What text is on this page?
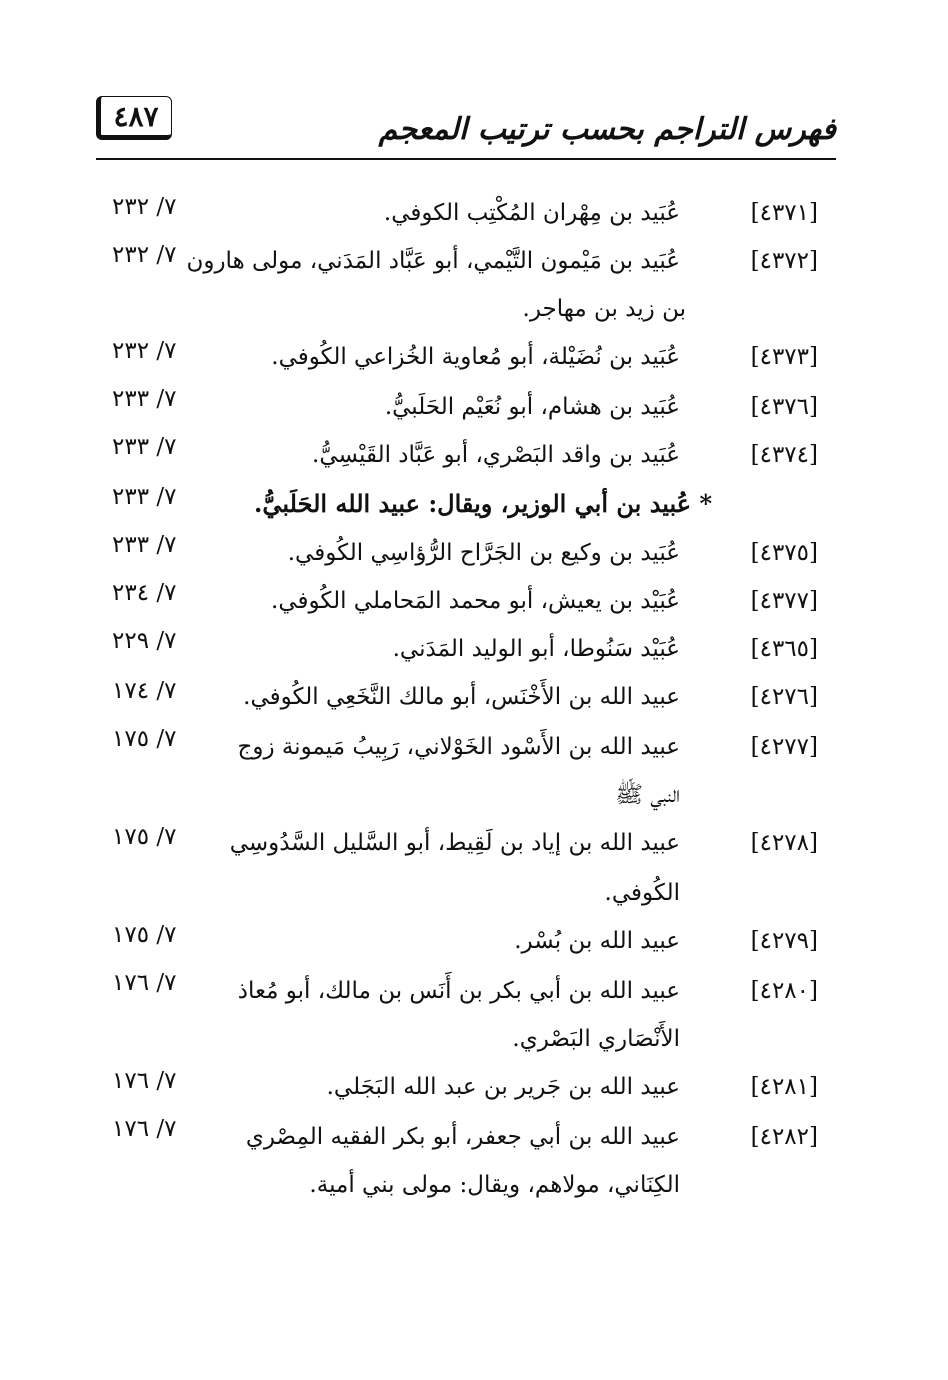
٤٨٧	فهرس التراجم بحسب ترتيب المعجم
[٤٣٧١]
عُبَيد بن مِهْران المُكْتِب الكوفي.
٧/ ٢٣٢
[٤٣٧٢]
عُبَيد بن مَيْمون التَّيْمي، أبو عَبَّاد المَدَني، مولى هارون
بن زيد بن مهاجر.
٧/ ٢٣٢
[٤٣٧٣]
عُبَيد بن نُضَيْلة، أبو مُعاوية الخُزاعي الكُوفي.
٧/ ٢٣٢
[٤٣٧٦]
عُبَيد بن هشام، أبو نُعَيْم الحَلَبيُّ.
٧/ ٢٣٣
[٤٣٧٤]
عُبَيد بن واقد البَصْري، أبو عَبَّاد القَيْسِيُّ.
٧/ ٢٣٣
* عُبيد بن أبي الوزير، ويقال: عبيد الله الحَلَبيُّ.
٧/ ٢٣٣
[٤٣٧٥]
عُبَيد بن وكيع بن الجَرَّاح الرُّؤاسِي الكُوفي.
٧/ ٢٣٣
[٤٣٧٧]
عُبَيْد بن يعيش، أبو محمد المَحاملي الكُوفي.
٧/ ٢٣٤
[٤٣٦٥]
عُبَيْد سَنُوطا، أبو الوليد المَدَني.
٧/ ٢٢٩
[٤٢٧٦]
عبيد الله بن الأَخْنَس، أبو مالك النَّخَعِي الكُوفي.
٧/ ١٧٤
[٤٢٧٧]
عبيد الله بن الأَسْود الخَوْلاني، رَبِيبُ مَيمونة زوج
النبي ﷺ
٧/ ١٧٥
[٤٢٧٨]
عبيد الله بن إياد بن لَقِيط، أبو السَّليل السَّدُوسِي
الكُوفي.
٧/ ١٧٥
[٤٢٧٩]
عبيد الله بن بُسْر.
٧/ ١٧٥
[٤٢٨٠]
عبيد الله بن أبي بكر بن أَنَس بن مالك، أبو مُعاذ
الأَنْصَاري البَصْري.
٧/ ١٧٦
[٤٢٨١]
عبيد الله بن جَرير بن عبد الله البَجَلي.
٧/ ١٧٦
[٤٢٨٢]
عبيد الله بن أبي جعفر، أبو بكر الفقيه المِصْري
الكِنَاني، مولاهم، ويقال: مولى بني أمية.
٧/ ١٧٦
